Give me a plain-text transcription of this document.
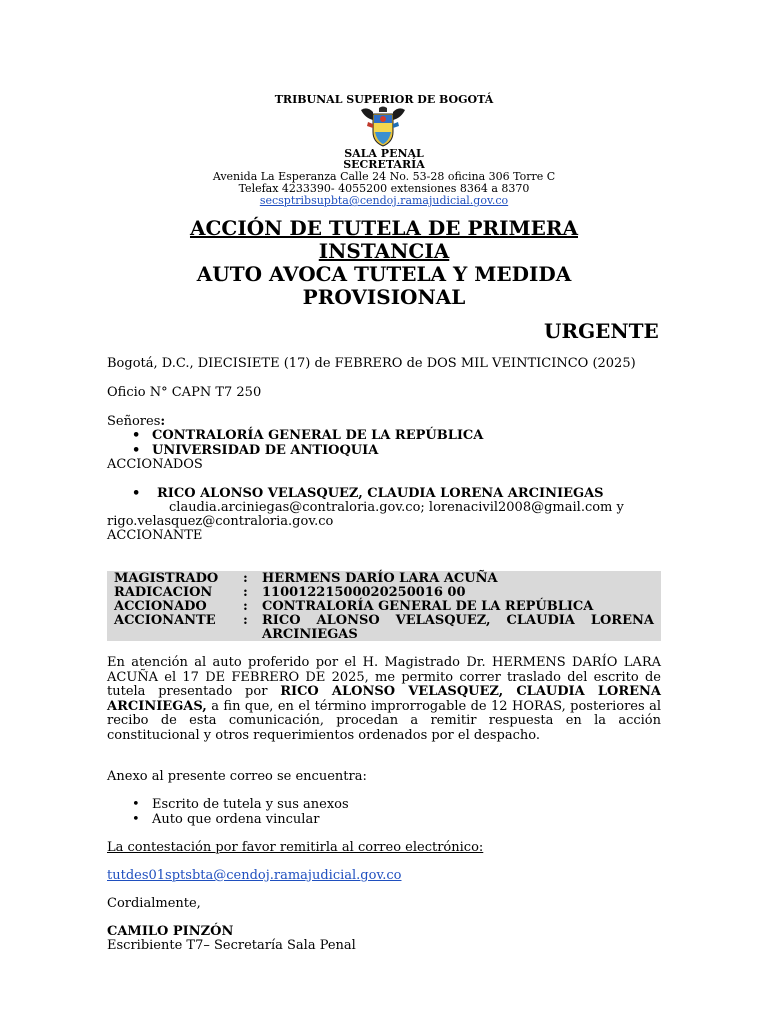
TRIBUNAL SUPERIOR DE BOGOTÁ
SALA PENAL
SECRETARÍA
Avenida La Esperanza Calle 24 No. 53-28 oficina 306 Torre C
Telefax 4233390- 4055200 extensiones 8364 a 8370
secsptribsupbta@cendoj.ramajudicial.gov.co
ACCIÓN DE TUTELA DE PRIMERA
INSTANCIA
AUTO AVOCA TUTELA Y MEDIDA
PROVISIONAL
URGENTE
Bogotá, D.C., DIECISIETE (17) de FEBRERO de DOS MIL VEINTICINCO (2025)
Oficio N° CAPN T7 250
Señores:
• CONTRALORÍA GENERAL DE LA REPÚBLICA
• UNIVERSIDAD DE ANTIOQUIA
ACCIONADOS
• RICO ALONSO VELASQUEZ, CLAUDIA LORENA ARCINIEGAS
claudia.arciniegas@contraloria.gov.co; lorenacivil2008@gmail.com y
rigo.velasquez@contraloria.gov.co
ACCIONANTE
MAGISTRADO	: HERMENS DARÍO LARA ACUÑA
RADICACION	: 11001221500020250016 00
ACCIONADO	: CONTRALORÍA GENERAL DE LA REPÚBLICA
ACCIONANTE	: RICO ALONSO VELASQUEZ, CLAUDIA LORENA ARCINIEGAS
En atención al auto proferido por el H. Magistrado Dr. HERMENS DARÍO LARA ACUÑA el 17 DE FEBRERO DE 2025, me permito correr traslado del escrito de tutela presentado por RICO ALONSO VELASQUEZ, CLAUDIA LORENA ARCINIEGAS, a fin que, en el término improrrogable de 12 HORAS, posteriores al recibo de esta comunicación, procedan a remitir respuesta en la acción constitucional y otros requerimientos ordenados por el despacho.
Anexo al presente correo se encuentra:
• Escrito de tutela y sus anexos
• Auto que ordena vincular
La contestación por favor remitirla al correo electrónico:
tutdes01sptsbta@cendoj.ramajudicial.gov.co
Cordialmente,
CAMILO PINZÓN
Escribiente T7– Secretaría Sala Penal
